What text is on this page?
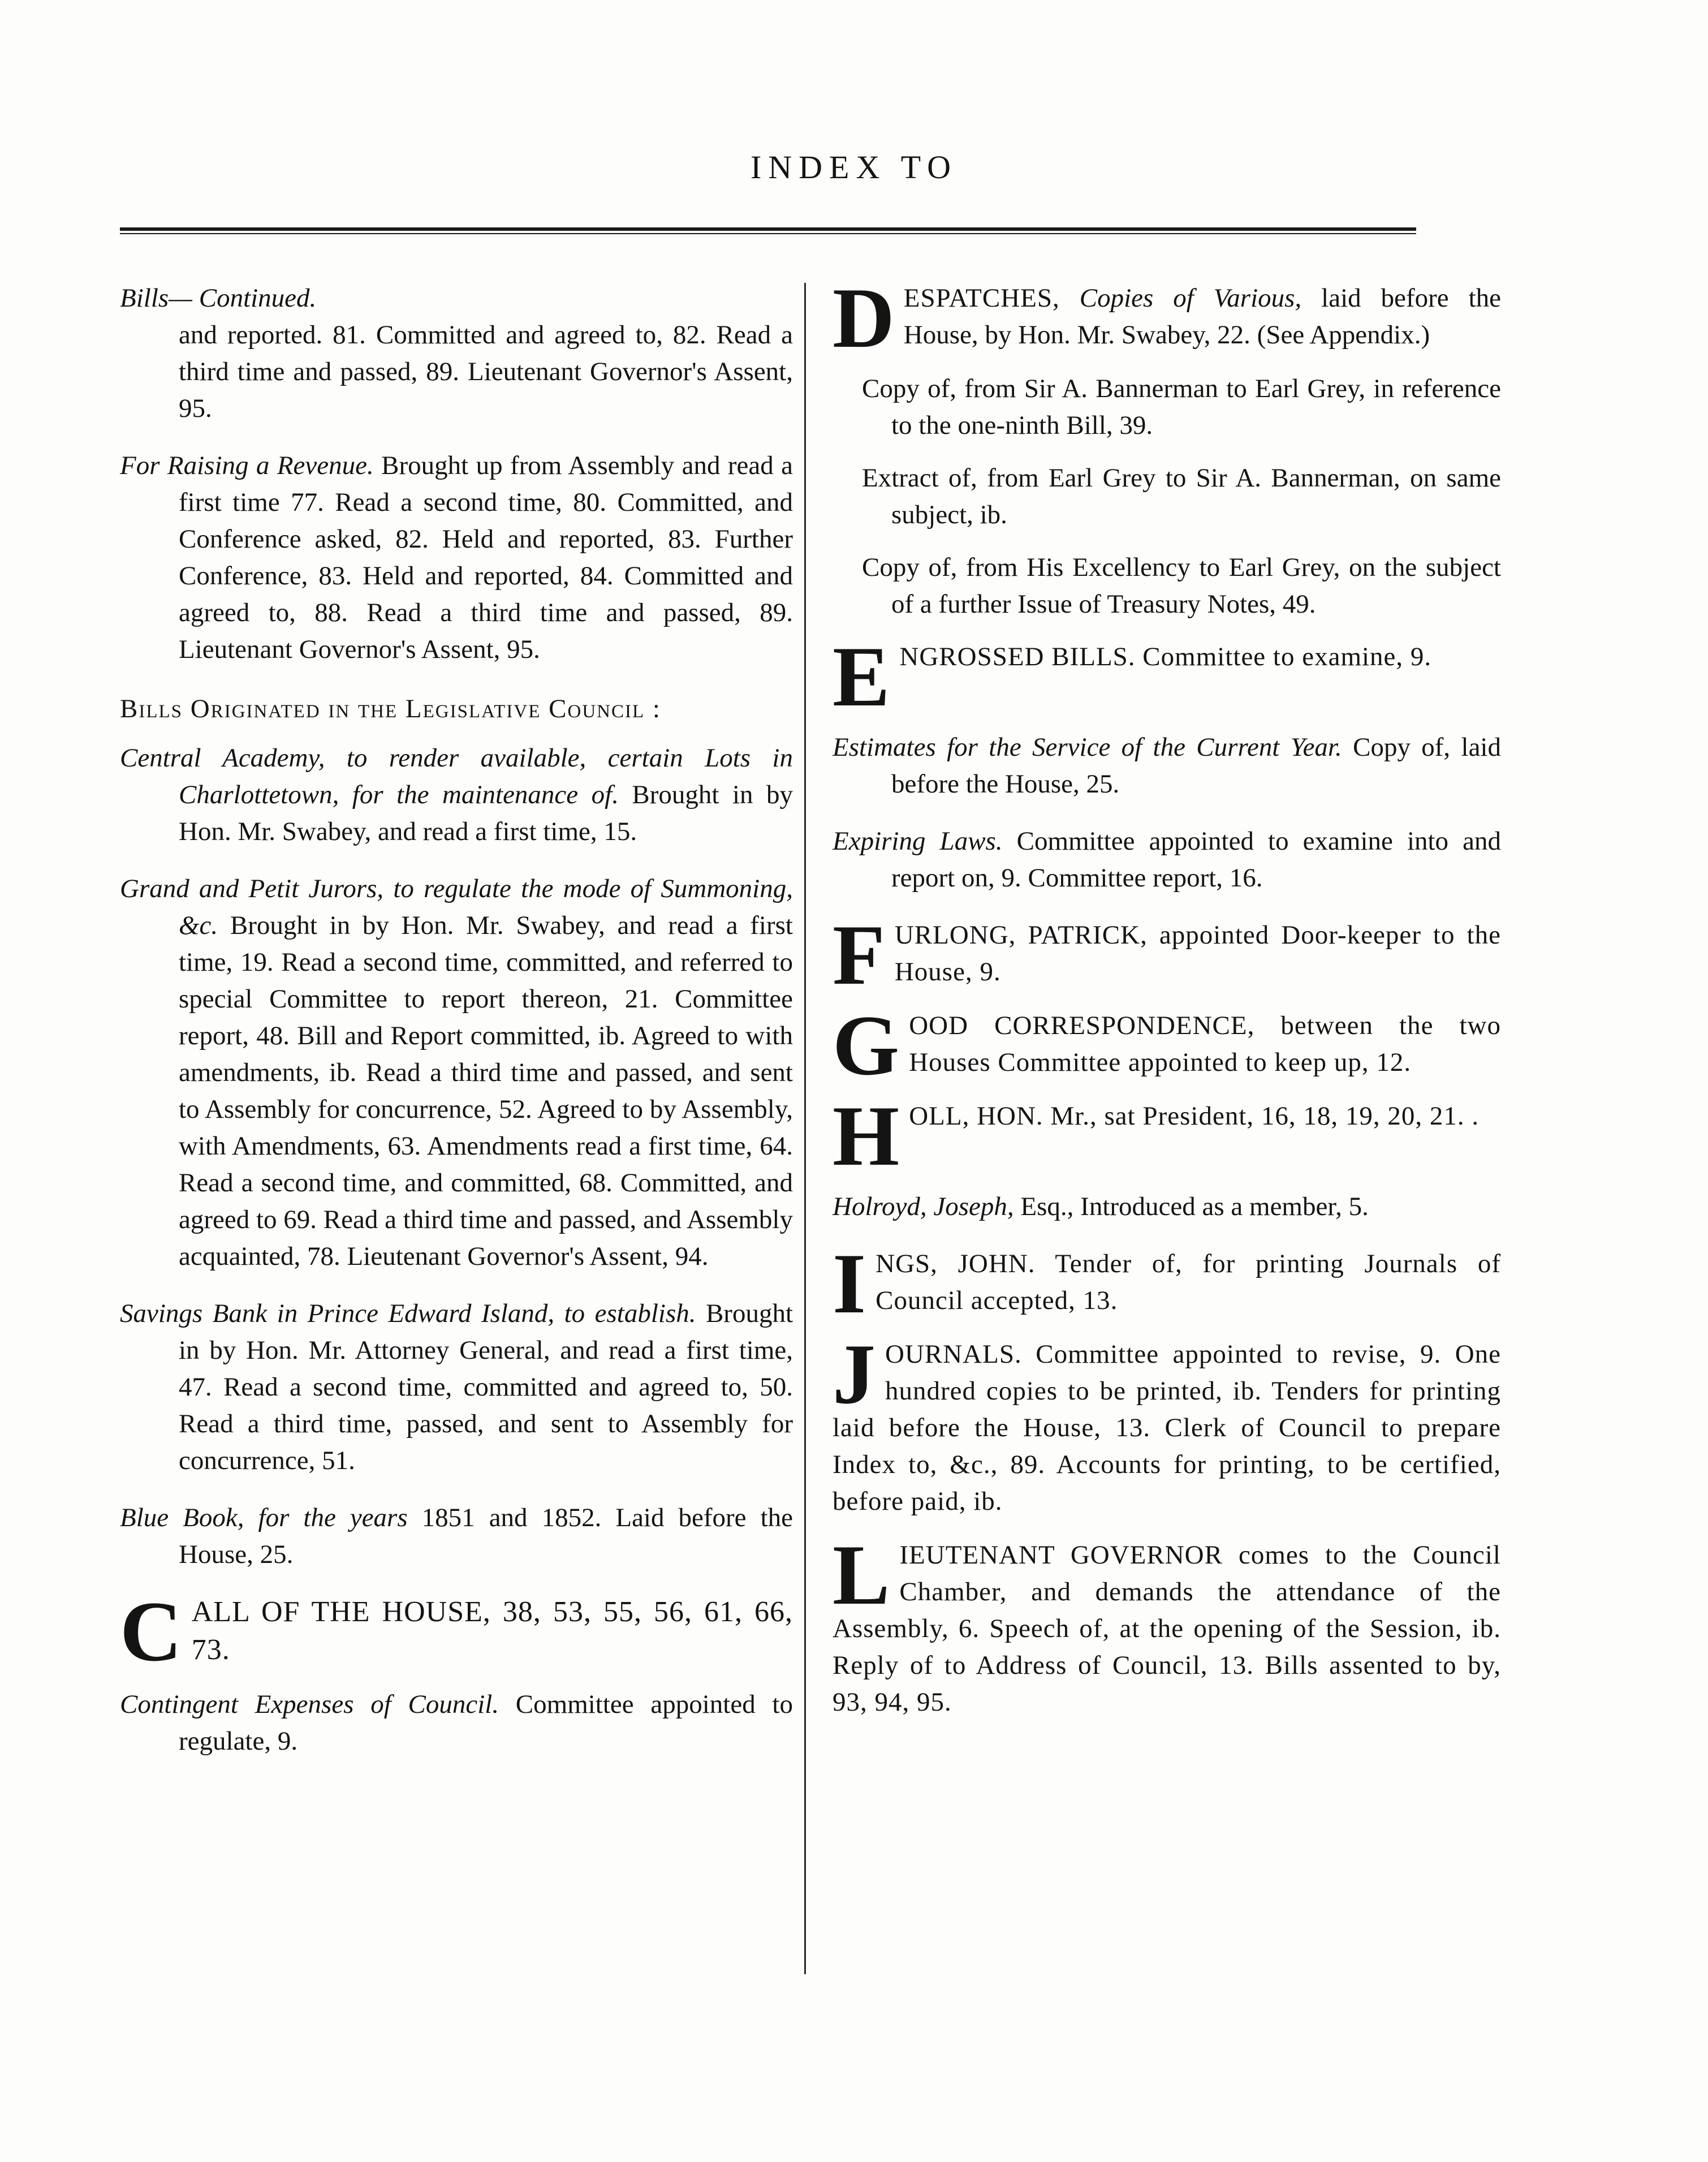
INDEX TO
Bills— Continued.
and reported. 81. Committed and agreed to, 82. Read a third time and passed, 89. Lieutenant Governor's Assent, 95.
For Raising a Revenue. Brought up from Assembly and read a first time 77. Read a second time, 80. Committed, and Conference asked, 82. Held and reported, 83. Further Conference, 83. Held and reported, 84. Committed and agreed to, 88. Read a third time and passed, 89. Lieutenant Governor's Assent, 95.
Bills Originated in the Legislative Council :
Central Academy, to render available, certain Lots in Charlottetown, for the maintenance of. Brought in by Hon. Mr. Swabey, and read a first time, 15.
Grand and Petit Jurors, to regulate the mode of Summoning, &c. Brought in by Hon. Mr. Swabey, and read a first time, 19. Read a second time, committed, and referred to special Committee to report thereon, 21. Committee report, 48. Bill and Report committed, ib. Agreed to with amendments, ib. Read a third time and passed, and sent to Assembly for concurrence, 52. Agreed to by Assembly, with Amendments, 63. Amendments read a first time, 64. Read a second time, and committed, 68. Committed, and agreed to 69. Read a third time and passed, and Assembly acquainted, 78. Lieutenant Governor's Assent, 94.
Savings Bank in Prince Edward Island, to establish. Brought in by Hon. Mr. Attorney General, and read a first time, 47. Read a second time, committed and agreed to, 50. Read a third time, passed, and sent to Assembly for concurrence, 51.
Blue Book, for the years 1851 and 1852. Laid before the House, 25.
C ALL OF THE HOUSE, 38, 53, 55, 56, 61, 66, 73.
Contingent Expenses of Council. Committee appointed to regulate, 9.
D ESPATCHES, Copies of Various, laid before the House, by Hon. Mr. Swabey, 22. (See Appendix.)
Copy of, from Sir A. Bannerman to Earl Grey, in reference to the one-ninth Bill, 39.
Extract of, from Earl Grey to Sir A. Bannerman, on same subject, ib.
Copy of, from His Excellency to Earl Grey, on the subject of a further Issue of Treasury Notes, 49.
E NGROSSED BILLS. Committee to examine, 9.
Estimates for the Service of the Current Year. Copy of, laid before the House, 25.
Expiring Laws. Committee appointed to examine into and report on, 9. Committee report, 16.
F URLONG, PATRICK, appointed Door-keeper to the House, 9.
G OOD CORRESPONDENCE, between the two Houses Committee appointed to keep up, 12.
H OLL, HON. Mr., sat President, 16, 18, 19, 20, 21. .
Holroyd, Joseph, Esq., Introduced as a member, 5.
I NGS, JOHN. Tender of, for printing Journals of Council accepted, 13.
J OURNALS. Committee appointed to revise, 9. One hundred copies to be printed, ib. Tenders for printing laid before the House, 13. Clerk of Council to prepare Index to, &c., 89. Accounts for printing, to be certified, before paid, ib.
L IEUTENANT GOVERNOR comes to the Council Chamber, and demands the attendance of the Assembly, 6. Speech of, at the opening of the Session, ib. Reply of to Address of Council, 13. Bills assented to by, 93, 94, 95.
